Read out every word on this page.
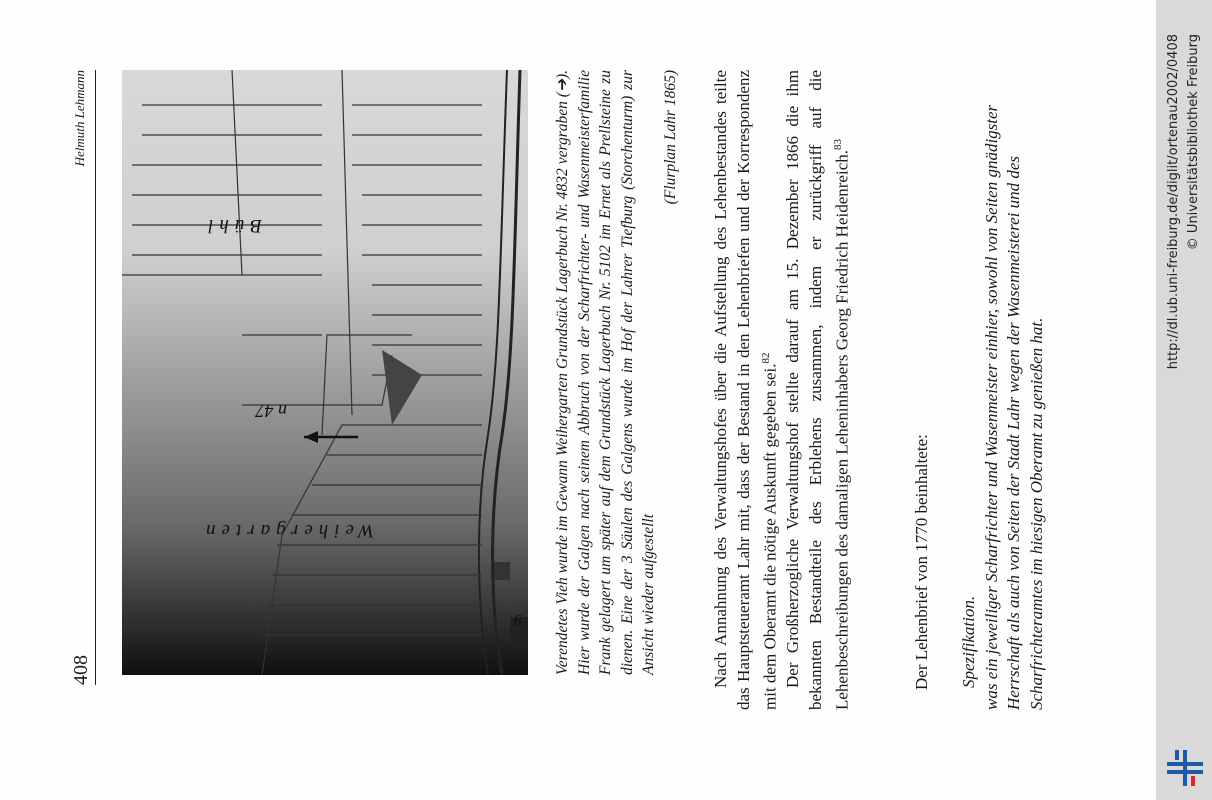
408
Helmuth Lehmann
9
n 47
Weihergarten
Bühl	Verendetes Vieh wurde im Gewann Weihergarten Grundstück Lagerbuch Nr. 4832 vergraben (➔). Hier wurde der Galgen nach seinem Abbruch von der Scharfrichter- und Wasenmeisterfamilie Frank gelagert um später auf dem Grundstück Lagerbuch Nr. 5102 im Ernet als Prellsteine zu dienen. Eine der 3 Säulen des Galgens wurde im Hof der Lahrer Tiefburg (Storchenturm) zur Ansicht wieder aufgestellt
(Flurplan Lahr 1865) Nach Annahnung des Verwaltungshofes über die Aufstellung des Lehenbestandes teilte das Hauptsteueramt Lahr mit, dass der Bestand in den Lehenbriefen und der Korrespondenz mit dem Oberamt die nötige Auskunft gegeben sei.$^{82}$ Der Großherzogliche Verwaltungshof stellte darauf am 15. Dezember 1866 die ihm bekannten Bestandteile des Erblehens zusammen, indem er zurückgriff auf die Lehenbeschreibungen des damaligen Leheninhabers Georg Friedrich Heidenreich.$^{83}$

Der Lehenbrief von 1770 beinhaltete: Spezifikation. was ein jeweiliger Scharfrichter und Wasenmeister einhier, sowohl von Seiten gnädigster Herrschaft als auch von Seiten der Stadt Lahr wegen der Wasenmeisterei und des Scharfrichteramtes im hiesigen Oberamt zu genießen hat.
http://dl.ub.uni-freiburg.de/diglit/ortenau2002/0408 © Universitätsbibliothek Freiburg
